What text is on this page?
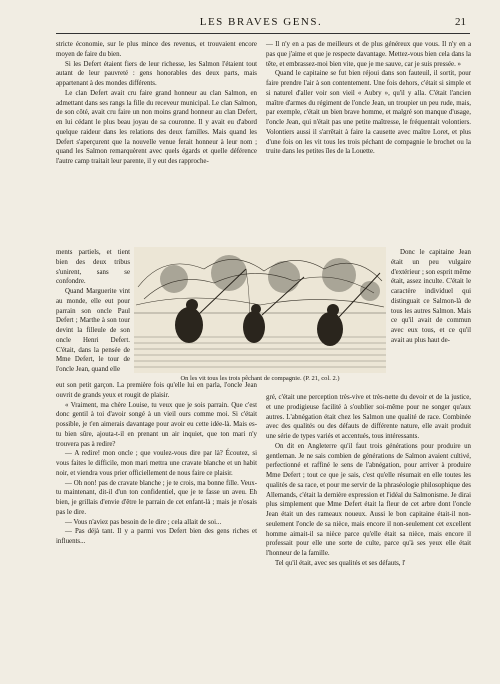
LES BRAVES GENS.	21

stricte économie, sur le plus mince des revenus, et trouvaient encore moyen de faire du bien.

Si les Defert étaient fiers de leur richesse, les Salmon l'étaient tout autant de leur pauvreté : gens honorables des deux parts, mais appartenant à des mondes différents.

Le clan Defert avait cru faire grand honneur au clan Salmon, en admettant dans ses rangs la fille du receveur municipal. Le clan Salmon, de son côté, avait cru faire un non moins grand honneur au clan Defert, en lui cédant le plus beau joyau de sa couronne. Il y avait eu d'abord quelque raideur dans les relations des deux familles. Mais quand les Defert s'aperçurent que la nouvelle venue ferait honneur à leur nom ; quand les Salmon remarquèrent avec quels égards et quelle déférence l'autre camp traitait leur parente, il y eut des rapproche-

ments partiels, et tient bien des deux tribus s'unirent, sans se confondre.

Quand Marguerite vint au monde, elle eut pour parrain son oncle Paul Defert ; Marthe à son tour devint la filleule de son oncle Henri Defert. C'était, dans la pensée de Mme Defert, le tour de l'oncle Jean, quand elle

On les vit tous les trois pêchant de compagnie. (P. 21, col. 2.)

— Il n'y en a pas de meilleurs et de plus généreux que vous. Il n'y en a pas que j'aime et que je respecte davantage. Mettez-vous bien cela dans la tête, et embrassez-moi bien vite, que je me sauve, car je suis pressée. »

Quand le capitaine se fut bien réjoui dans son fauteuil, il sortit, pour faire prendre l'air à son contentement. Une fois dehors, c'était si simple et si naturel d'aller voir son vieil « Aubry », qu'il y alla. C'était l'ancien maître d'armes du régiment de l'oncle Jean, un troupier un peu rude, mais, par exemple, c'était un bien brave homme, et malgré son manque d'usage, l'oncle Jean, qui n'était pas une petite maîtresse, le fréquentait volontiers. Volontiers aussi il s'arrêtait à faire la causette avec maître Loret, et plus d'une fois on les vit tous les trois péchant de compagnie le brochet ou la truite dans les petites îles de la Louette.

Donc le capitaine Jean était un peu vulgaire d'extérieur ; son esprit même était, assez inculte. C'était le caractère individuel qui distinguait ce Salmon-là de tous les autres Salmon. Mais ce qu'il avait de commun avec eux tous, et ce qu'il avait au plus haut de-

eut son petit garçon. La première fois qu'elle lui en parla, l'oncle Jean ouvrit de grands yeux et rougit de plaisir.

« Vraiment, ma chère Louise, tu veux que je sois parrain. Que c'est donc gentil à toi d'avoir songé à un vieil ours comme moi. Si c'était possible, je t'en aimerais davantage pour avoir eu cette idée-là. Mais es-tu bien sûre, ajouta-t-il en prenant un air inquiet, que ton mari n'y trouvera pas à redire?

— A redire! mon oncle ; que voulez-vous dire par là? Écoutez, si vous faites le difficile, mon mari mettra une cravate blanche et un habit noir, et viendra vous prier officiellement de nous faire ce plaisir.

— Oh non! pas de cravate blanche ; je te crois, ma bonne fille. Veux-tu maintenant, dit-il d'un ton confidentiel, que je te fasse un aveu. Eh bien, je grillais d'envie d'être le parrain de cet enfant-là ; mais je n'osais pas le dire.

— Vous n'aviez pas besoin de le dire ; cela allait de soi...

— Pas déjà tant. Il y a parmi vos Defert bien des gens riches et influents...

gré, c'était une perception très-vive et très-nette du devoir et de la justice, et une prodigieuse facilité à s'oublier soi-même pour ne songer qu'aux autres. L'abnégation était chez les Salmon une qualité de race. Combinée avec des qualités ou des défauts de différente nature, elle avait produit une série de types variés et accentués, tous intéressants.

On dit en Angleterre qu'il faut trois générations pour produire un gentleman. Je ne sais combien de générations de Salmon avaient cultivé, perfectionné et raffiné le sens de l'abnégation, pour arriver à produire Mme Defert ; tout ce que je sais, c'est qu'elle résumait en elle toutes les qualités de sa race, et pour me servir de la phraséologie philosophique des Allemands, c'était la dernière expression et l'idéal du Salmonisme. Je dirai plus simplement que Mme Defert était la fleur de cet arbre dont l'oncle Jean était un des rameaux noueux. Aussi le bon capitaine était-il non-seulement l'oncle de sa nièce, mais encore il non-seulement cet excellent homme aimait-il sa nièce parce qu'elle était sa nièce, mais encore il professait pour elle une sorte de culte, parce qu'à ses yeux elle était l'honneur de la famille.

Tel qu'il était, avec ses qualités et ses défauts, l'
